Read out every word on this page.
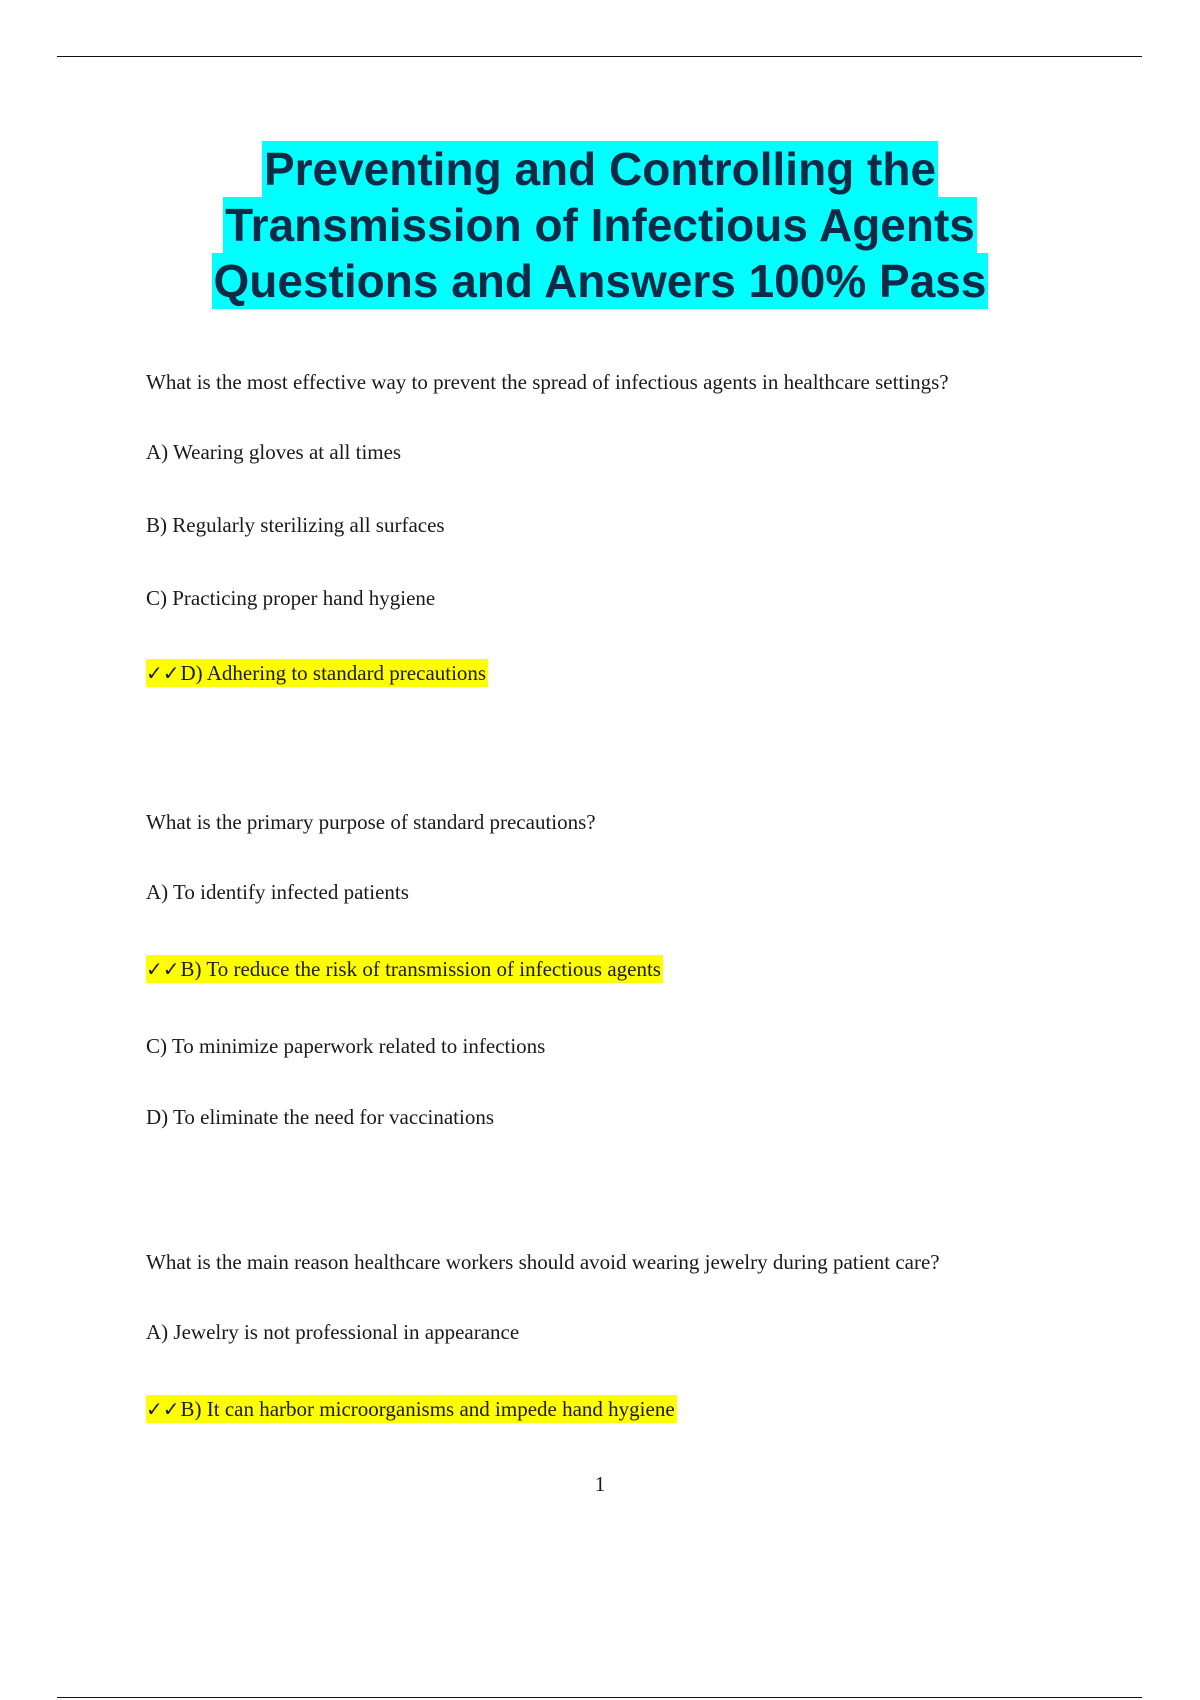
Preventing and Controlling the
Transmission of Infectious Agents
Questions and Answers 100% Pass
What is the most effective way to prevent the spread of infectious agents in healthcare settings?
A) Wearing gloves at all times
B) Regularly sterilizing all surfaces
C) Practicing proper hand hygiene
✓✓D) Adhering to standard precautions
What is the primary purpose of standard precautions?
A) To identify infected patients
✓✓B) To reduce the risk of transmission of infectious agents
C) To minimize paperwork related to infections
D) To eliminate the need for vaccinations
What is the main reason healthcare workers should avoid wearing jewelry during patient care?
A) Jewelry is not professional in appearance
✓✓B) It can harbor microorganisms and impede hand hygiene
1
